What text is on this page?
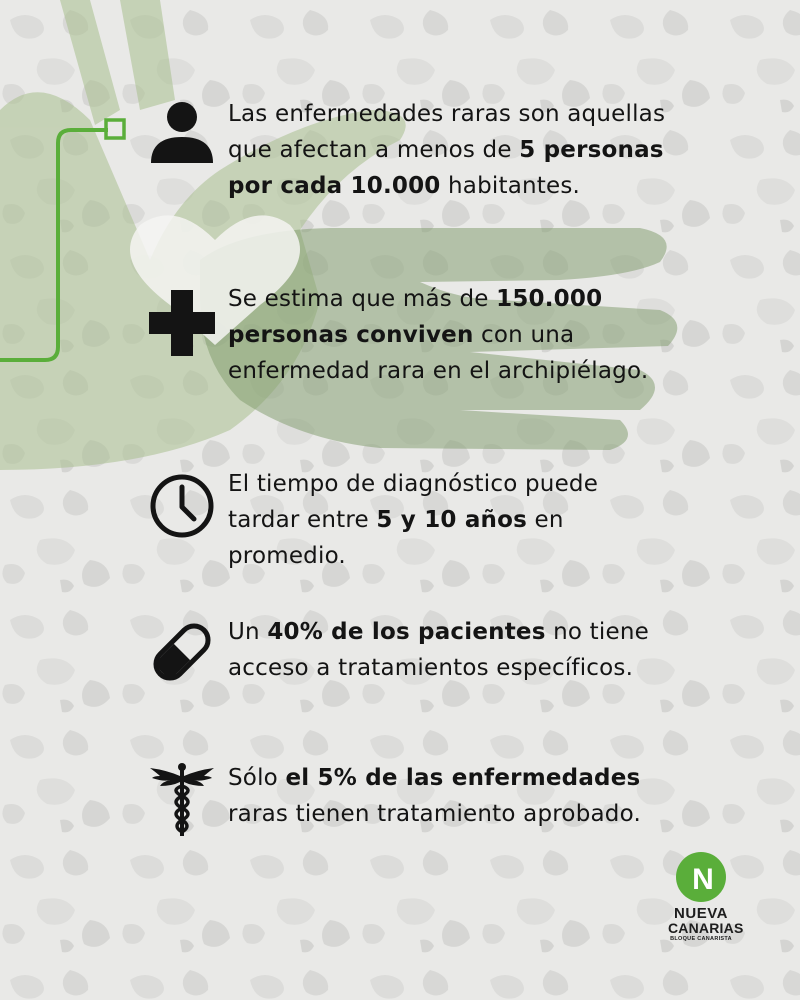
Las enfermedades raras son aquellas que afectan a menos de 5 personas por cada 10.000 habitantes.
Se estima que más de 150.000 personas conviven con una enfermedad rara en el archipiélago.
El tiempo de diagnóstico puede tardar entre 5 y 10 años en promedio.
Un 40% de los pacientes no tiene acceso a tratamientos específicos.
Sólo el 5% de las enfermedades raras tienen tratamiento aprobado.
N
NUEVA
CANARIAS
BLOQUE CANARISTA
